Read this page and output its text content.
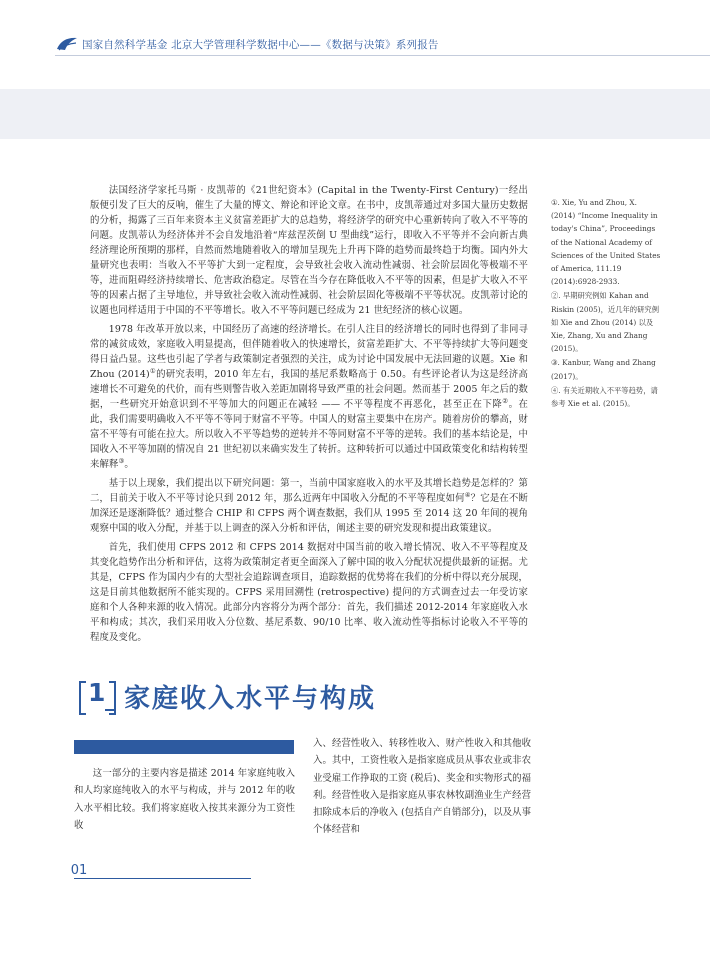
国家自然科学基金 北京大学管理科学数据中心——《数据与决策》系列报告

法国经济学家托马斯 · 皮凯蒂的《21世纪资本》(Capital in the Twenty-First Century)一经出版便引发了巨大的反响，催生了大量的博文、辩论和评论文章。在书中，皮凯蒂通过对多国大量历史数据的分析，揭露了三百年来资本主义贫富差距扩大的总趋势，将经济学的研究中心重新转向了收入不平等的问题。皮凯蒂认为经济体并不会自发地沿着“库兹涅茨倒 U 型曲线”运行，即收入不平等并不会向新古典经济理论所预期的那样，自然而然地随着收入的增加呈现先上升再下降的趋势而最终趋于均衡。国内外大量研究也表明：当收入不平等扩大到一定程度，会导致社会收入流动性减弱、社会阶层固化等极端不平等，进而阻碍经济持续增长、危害政治稳定。尽管在当今存在降低收入不平等的因素，但是扩大收入不平等的因素占据了主导地位，并导致社会收入流动性减弱、社会阶层固化等极端不平等状况。皮凯蒂讨论的议题也同样适用于中国的不平等增长。收入不平等问题已经成为 21 世纪经济的核心议题。

1978 年改革开放以来，中国经历了高速的经济增长。在引人注目的经济增长的同时也得到了非同寻常的减贫成效，家庭收入明显提高，但伴随着收入的快速增长，贫富差距扩大、不平等持续扩大等问题变得日益凸显。这些也引起了学者与政策制定者强烈的关注，成为讨论中国发展中无法回避的议题。Xie 和 Zhou (2014)①的研究表明，2010 年左右，我国的基尼系数略高于 0.50。有些评论者认为这是经济高速增长不可避免的代价，而有些则警告收入差距加剧将导致严重的社会问题。然而基于 2005 年之后的数据，一些研究开始意识到不平等加大的问题正在减轻 —— 不平等程度不再恶化，甚至正在下降②。在此，我们需要明确收入不平等不等同于财富不平等。中国人的财富主要集中在房产。随着房价的攀高，财富不平等有可能在拉大。所以收入不平等趋势的逆转并不等同财富不平等的逆转。我们的基本结论是，中国收入不平等加剧的情况自 21 世纪初以来确实发生了转折。这种转折可以通过中国政策变化和结构转型来解释③。

基于以上现象，我们提出以下研究问题：第一，当前中国家庭收入的水平及其增长趋势是怎样的？第二，目前关于收入不平等讨论只到 2012 年，那么近两年中国收入分配的不平等程度如何④？它是在不断加深还是逐渐降低？通过整合 CHIP 和 CFPS 两个调查数据，我们从 1995 至 2014 这 20 年间的视角观察中国的收入分配，并基于以上调查的深入分析和评估，阐述主要的研究发现和提出政策建议。

首先，我们使用 CFPS 2012 和 CFPS 2014 数据对中国当前的收入增长情况、收入不平等程度及其变化趋势作出分析和评估，这将为政策制定者更全面深入了解中国的收入分配状况提供最新的证据。尤其是，CFPS 作为国内少有的大型社会追踪调查项目，追踪数据的优势将在我们的分析中得以充分展现，这是目前其他数据所不能实现的。CFPS 采用回溯性 (retrospective) 提问的方式调查过去一年受访家庭和个人各种来源的收入情况。此部分内容将分为两个部分：首先，我们描述 2012-2014 年家庭收入水平和构成；其次，我们采用收入分位数、基尼系数、90/10 比率、收入流动性等指标讨论收入不平等的程度及变化。

①. Xie, Yu and Zhou, X. (2014) “Income Inequality in today's China”, Proceedings of the National Academy of Sciences of the United States of America, 111.19 (2014):6928-2933.

②. 早期研究例如 Kahan and Riskin (2005)，近几年的研究例如 Xie and Zhou (2014) 以及 Xie, Zhang, Xu and Zhang (2015)。

③. Kanbur, Wang and Zhang (2017)。

④. 有关近期收入不平等趋势，请参考 Xie et al. (2015)。

1 家庭收入水平与构成

这一部分的主要内容是描述 2014 年家庭纯收入和人均家庭纯收入的水平与构成，并与 2012 年的收入水平相比较。我们将家庭收入按其来源分为工资性收

入、经营性收入、转移性收入、财产性收入和其他收入。其中，工资性收入是指家庭成员从事农业或非农业受雇工作挣取的工资 (税后)、奖金和实物形式的福利。经营性收入是指家庭从事农林牧副渔业生产经营扣除成本后的净收入 (包括自产自销部分)，以及从事个体经营和

01
